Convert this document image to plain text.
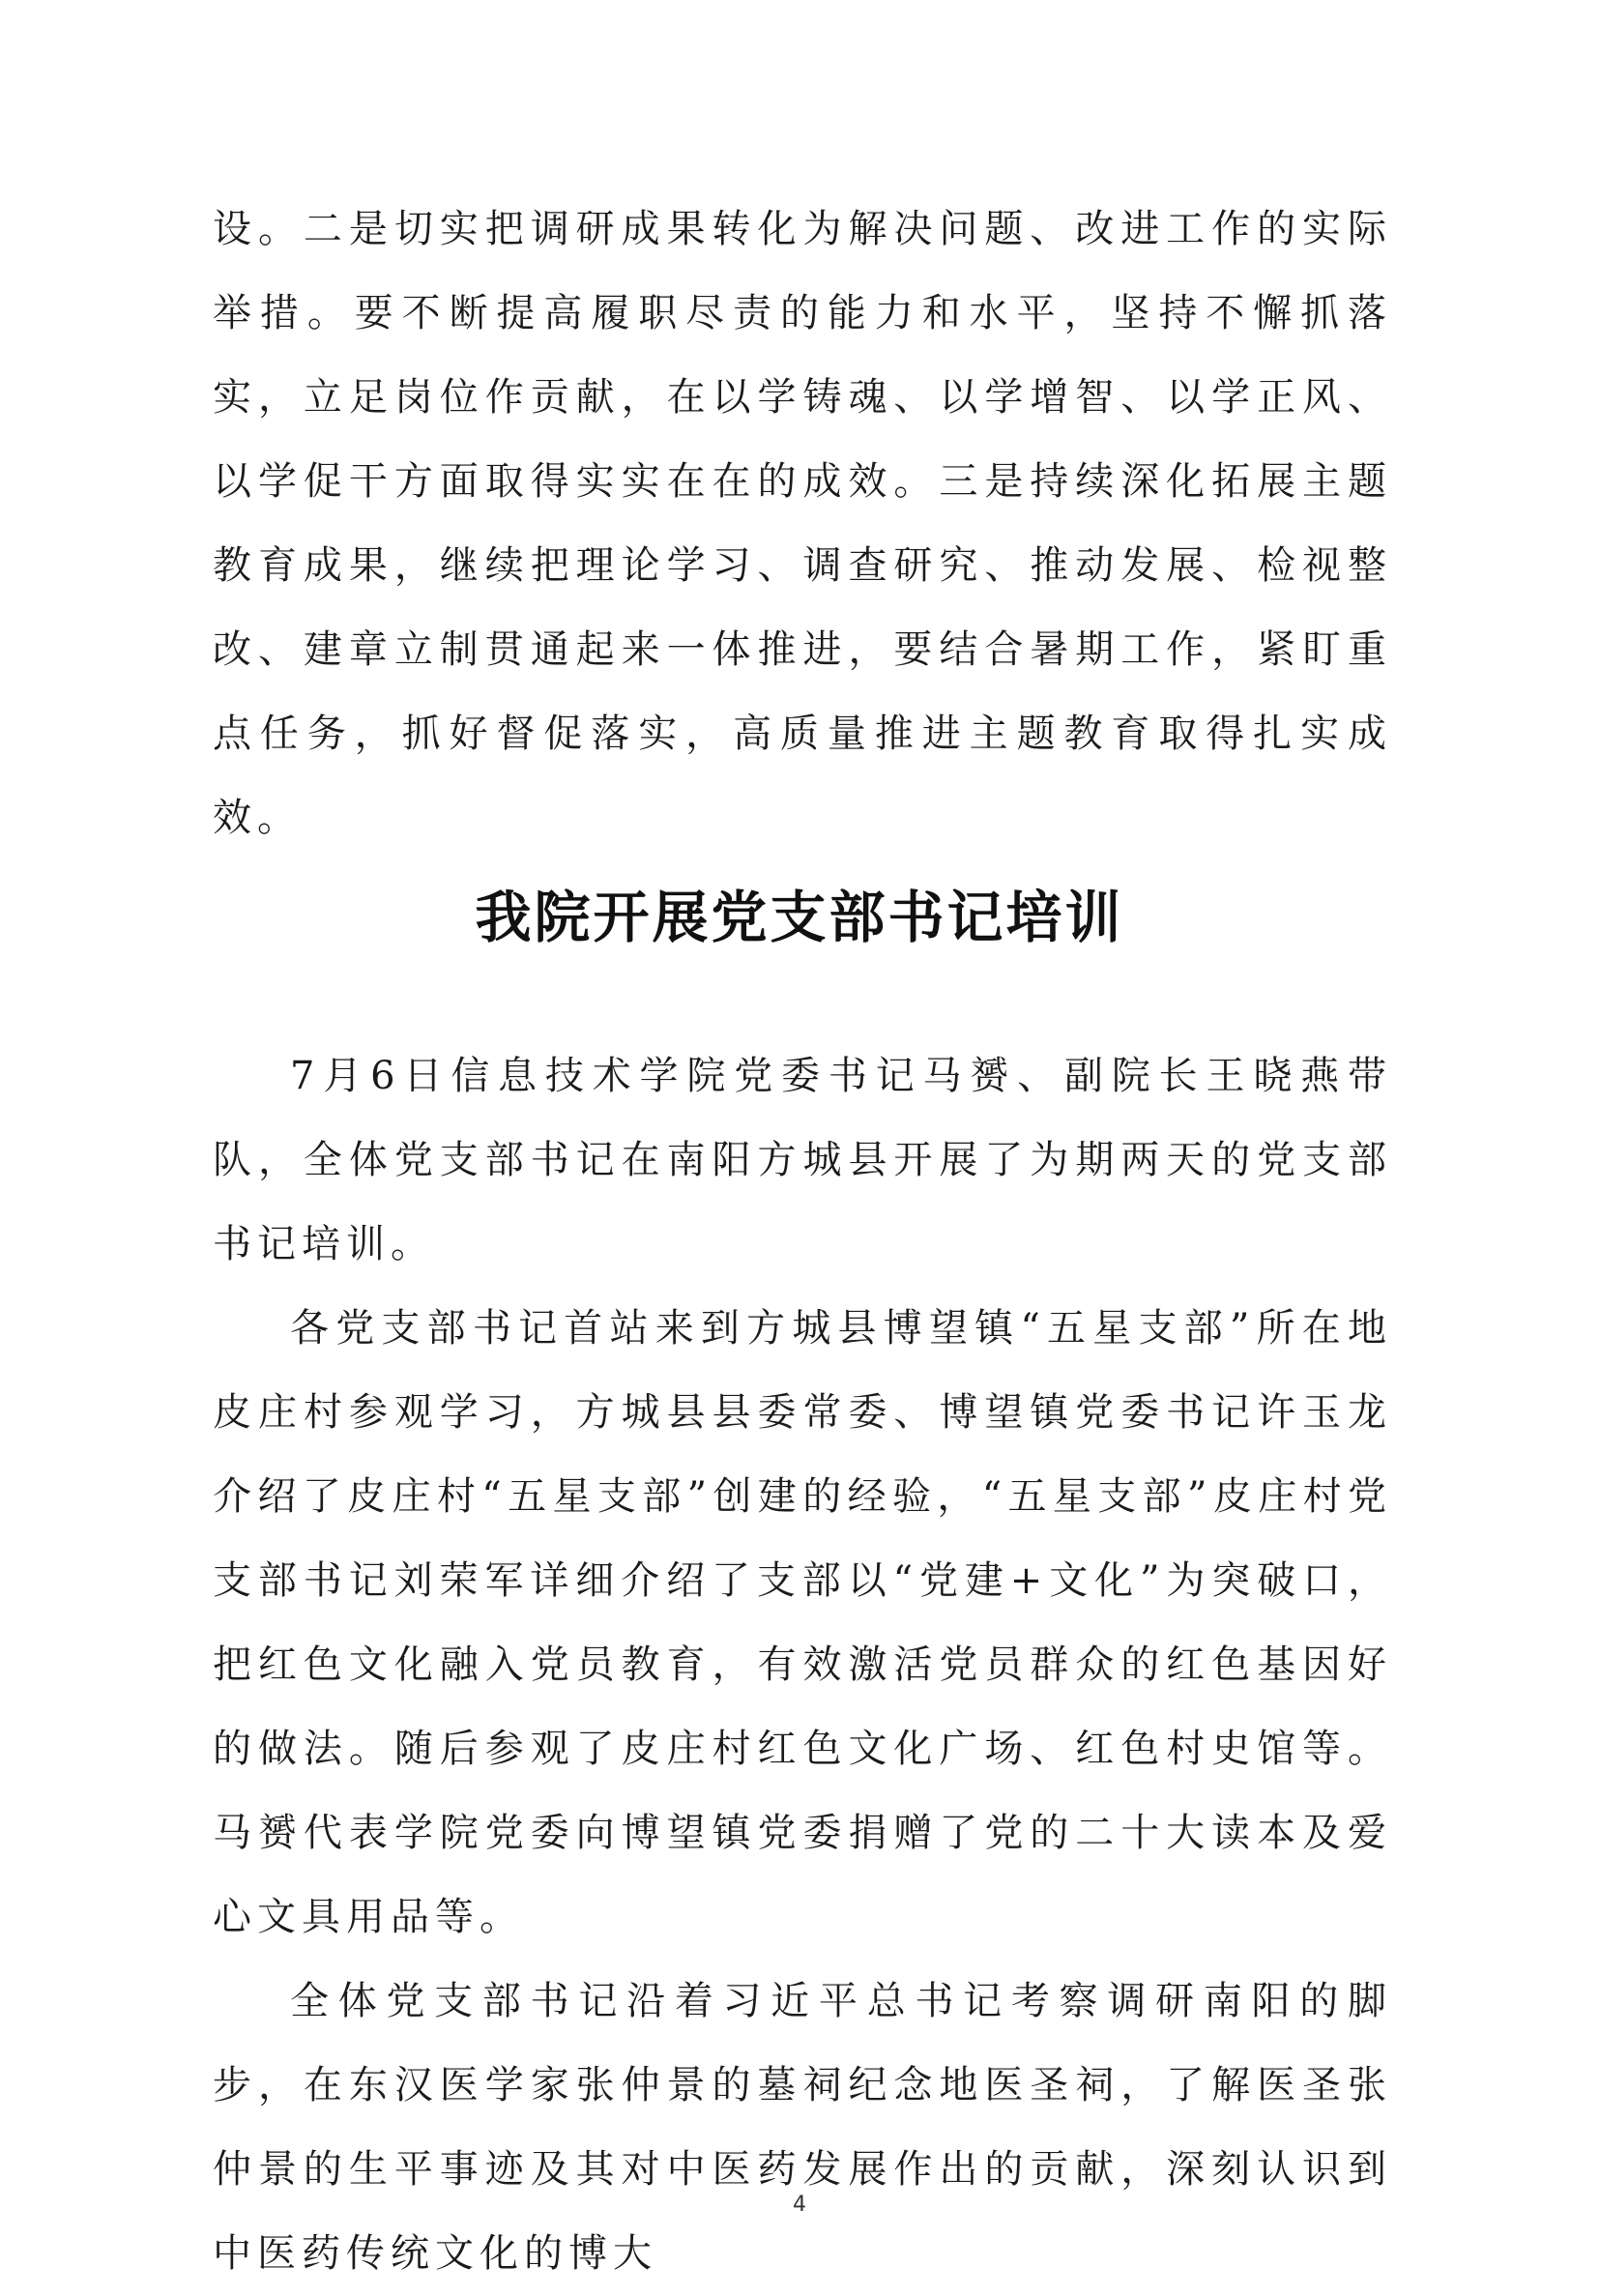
设。二是切实把调研成果转化为解决问题、改进工作的实际举措。要不断提高履职尽责的能力和水平，坚持不懈抓落实，立足岗位作贡献，在以学铸魂、以学增智、以学正风、以学促干方面取得实实在在的成效。三是持续深化拓展主题教育成果，继续把理论学习、调查研究、推动发展、检视整改、建章立制贯通起来一体推进，要结合暑期工作，紧盯重点任务，抓好督促落实，高质量推进主题教育取得扎实成效。

我院开展党支部书记培训

7月6日信息技术学院党委书记马赟、副院长王晓燕带队，全体党支部书记在南阳方城县开展了为期两天的党支部书记培训。

各党支部书记首站来到方城县博望镇“五星支部”所在地皮庄村参观学习，方城县县委常委、博望镇党委书记许玉龙介绍了皮庄村“五星支部”创建的经验，“五星支部”皮庄村党支部书记刘荣军详细介绍了支部以“党建+文化”为突破口，把红色文化融入党员教育，有效激活党员群众的红色基因好的做法。随后参观了皮庄村红色文化广场、红色村史馆等。马赟代表学院党委向博望镇党委捐赠了党的二十大读本及爱心文具用品等。

全体党支部书记沿着习近平总书记考察调研南阳的脚步，在东汉医学家张仲景的墓祠纪念地医圣祠，了解医圣张仲景的生平事迹及其对中医药发展作出的贡献，深刻认识到中医药传统文化的博大

4
